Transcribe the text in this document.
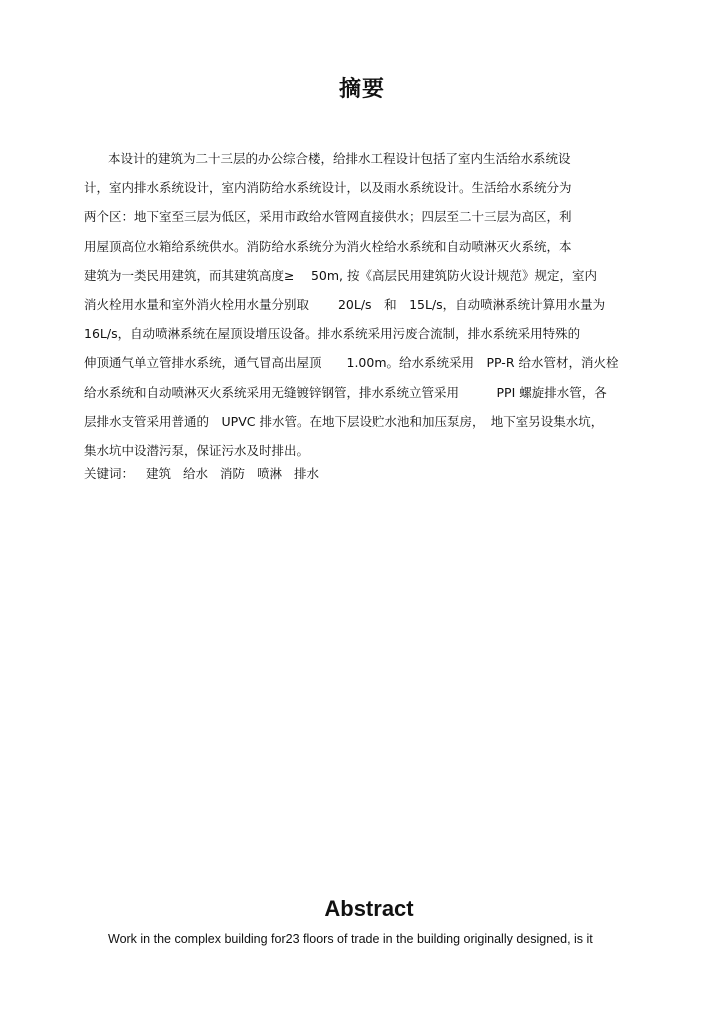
摘要
本设计的建筑为二十三层的办公综合楼，给排水工程设计包括了室内生活给水系统设
计，室内排水系统设计，室内消防给水系统设计，以及雨水系统设计。生活给水系统分为
两个区：地下室至三层为低区，采用市政给水管网直接供水；四层至二十三层为高区，利
用屋顶高位水箱给系统供水。消防给水系统分为消火栓给水系统和自动喷淋灭火系统，本
建筑为一类民用建筑，而其建筑高度≥　 50m, 按《高层民用建筑防火设计规范》规定，室内
消火栓用水量和室外消火栓用水量分别取　　 20L/s　和　15L/s，自动喷淋系统计算用水量为
16L/s，自动喷淋系统在屋顶设增压设备。排水系统采用污废合流制，排水系统采用特殊的
伸顶通气单立管排水系统，通气冒高出屋顶　　1.00m。给水系统采用　PP-R 给水管材，消火栓
给水系统和自动喷淋灭火系统采用无缝镀锌钢管，排水系统立管采用　　　PPI 螺旋排水管，各
层排水支管采用普通的　UPVC 排水管。在地下层设贮水池和加压泵房，　地下室另设集水坑，
集水坑中设潜污泵，保证污水及时排出。
关键词： 建筑 给水 消防 喷淋 排水
Abstract
Work in the complex building for23 floors of trade in the building originally designed, is it
